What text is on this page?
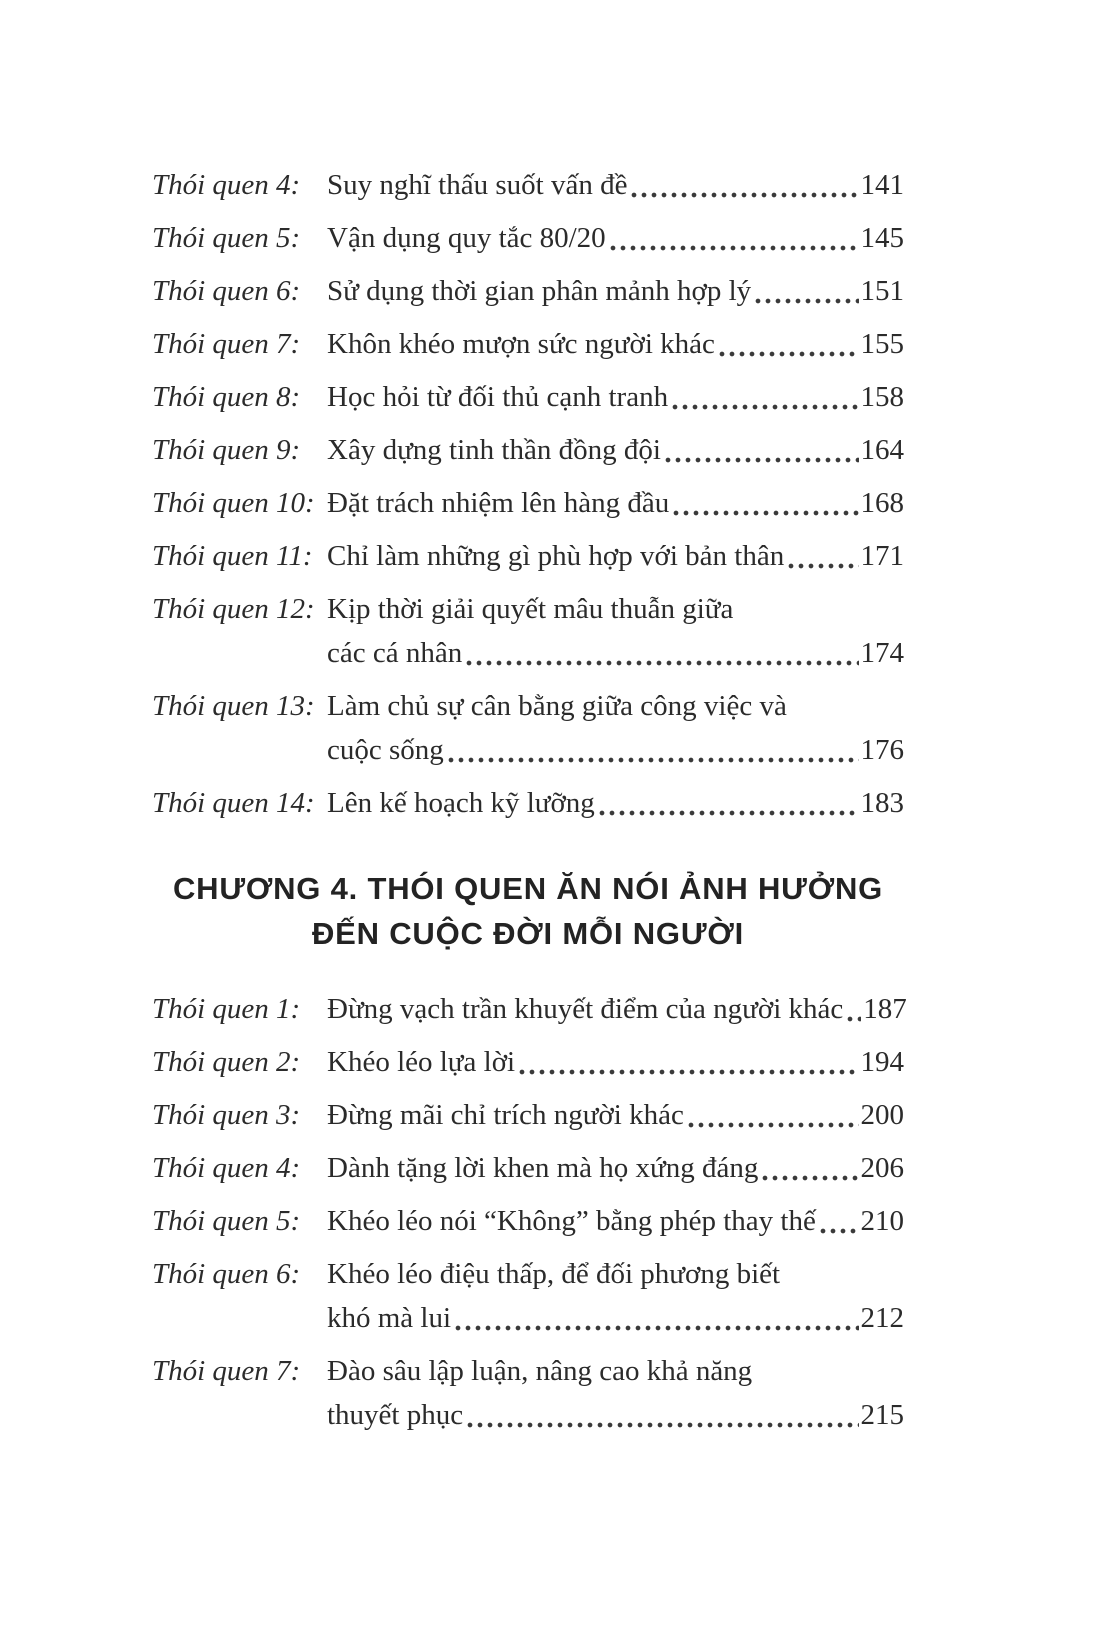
Thói quen 4: Suy nghĩ thấu suốt vấn đề	141
Thói quen 5: Vận dụng quy tắc 80/20	145
Thói quen 6: Sử dụng thời gian phân mảnh hợp lý	151
Thói quen 7: Khôn khéo mượn sức người khác	155
Thói quen 8: Học hỏi từ đối thủ cạnh tranh	158
Thói quen 9: Xây dựng tinh thần đồng đội	164
Thói quen 10: Đặt trách nhiệm lên hàng đầu	168
Thói quen 11: Chỉ làm những gì phù hợp với bản thân	171
Thói quen 12: Kịp thời giải quyết mâu thuẫn giữa
các cá nhân	174
Thói quen 13: Làm chủ sự cân bằng giữa công việc và
cuộc sống	176
Thói quen 14: Lên kế hoạch kỹ lưỡng	183
CHƯƠNG 4. THÓI QUEN ĂN NÓI ẢNH HƯỞNG
ĐẾN CUỘC ĐỜI MỖI NGƯỜI
Thói quen 1: Đừng vạch trần khuyết điểm của người khác 187
Thói quen 2: Khéo léo lựa lời	194
Thói quen 3: Đừng mãi chỉ trích người khác	200
Thói quen 4: Dành tặng lời khen mà họ xứng đáng	206
Thói quen 5: Khéo léo nói “Không” bằng phép thay thế 210
Thói quen 6: Khéo léo điệu thấp, để đối phương biết
khó mà lui	212
Thói quen 7: Đào sâu lập luận, nâng cao khả năng
thuyết phục	215
